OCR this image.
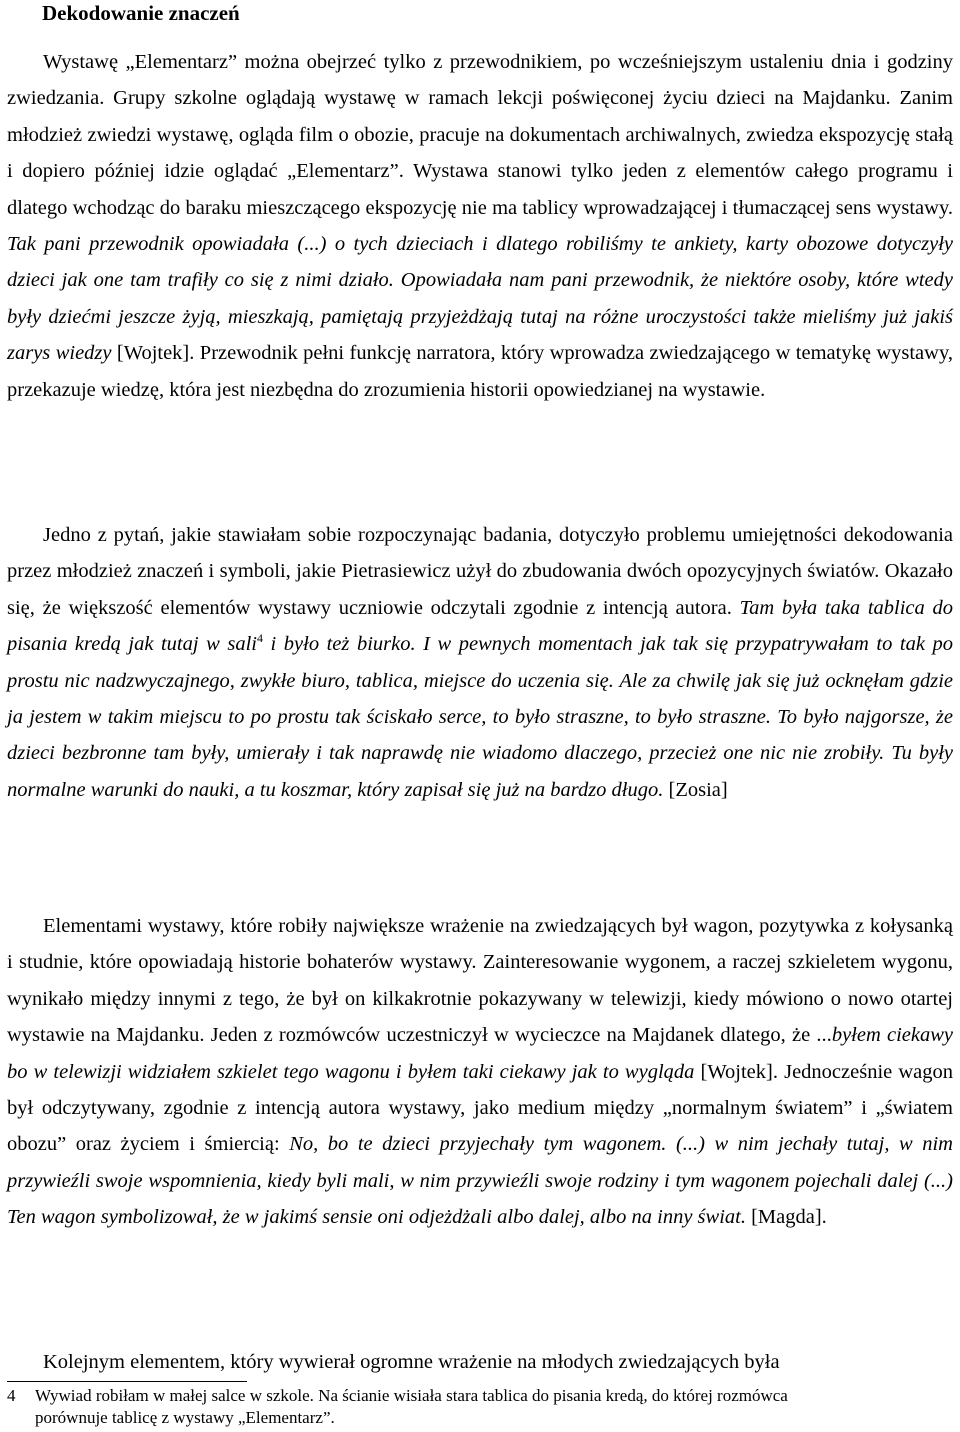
Dekodowanie znaczeń

Wystawę „Elementarz” można obejrzeć tylko z przewodnikiem, po wcześniejszym ustaleniu dnia i godziny zwiedzania. Grupy szkolne oglądają wystawę w ramach lekcji poświęconej życiu dzieci na Majdanku. Zanim młodzież zwiedzi wystawę, ogląda film o obozie, pracuje na dokumentach archiwalnych, zwiedza ekspozycję stałą i dopiero później idzie oglądać „Elementarz”. Wystawa stanowi tylko jeden z elementów całego programu i dlatego wchodząc do baraku mieszczącego ekspozycję nie ma tablicy wprowadzającej i tłumaczącej sens wystawy. Tak pani przewodnik opowiadała (...) o tych dzieciach i dlatego robiliśmy te ankiety, karty obozowe dotyczyły dzieci jak one tam trafiły co się z nimi działo. Opowiadała nam pani przewodnik, że niektóre osoby, które wtedy były dziećmi jeszcze żyją, mieszkają, pamiętają przyjeżdżają tutaj na różne uroczystości także mieliśmy już jakiś zarys wiedzy [Wojtek]. Przewodnik pełni funkcję narratora, który wprowadza zwiedzającego w tematykę wystawy, przekazuje wiedzę, która jest niezbędna do zrozumienia historii opowiedzianej na wystawie.

Jedno z pytań, jakie stawiałam sobie rozpoczynając badania, dotyczyło problemu umiejętności dekodowania przez młodzież znaczeń i symboli, jakie Pietrasiewicz użył do zbudowania dwóch opozycyjnych światów. Okazało się, że większość elementów wystawy uczniowie odczytali zgodnie z intencją autora. Tam była taka tablica do pisania kredą jak tutaj w sali$^4$ i było też biurko. I w pewnych momentach jak tak się przypatrywałam to tak po prostu nic nadzwyczajnego, zwykłe biuro, tablica, miejsce do uczenia się. Ale za chwilę jak się już ocknęłam gdzie ja jestem w takim miejscu to po prostu tak ściskało serce, to było straszne, to było straszne. To było najgorsze, że dzieci bezbronne tam były, umierały i tak naprawdę nie wiadomo dlaczego, przecież one nic nie zrobiły. Tu były normalne warunki do nauki, a tu koszmar, który zapisał się już na bardzo długo. [Zosia]

Elementami wystawy, które robiły największe wrażenie na zwiedzających był wagon, pozytywka z kołysanką i studnie, które opowiadają historie bohaterów wystawy. Zainteresowanie wygonem, a raczej szkieletem wygonu, wynikało między innymi z tego, że był on kilkakrotnie pokazywany w telewizji, kiedy mówiono o nowo otartej wystawie na Majdanku. Jeden z rozmówców uczestniczył w wycieczce na Majdanek dlatego, że ...byłem ciekawy bo w telewizji widziałem szkielet tego wagonu i byłem taki ciekawy jak to wygląda [Wojtek]. Jednocześnie wagon był odczytywany, zgodnie z intencją autora wystawy, jako medium między „normalnym światem” i „światem obozu” oraz życiem i śmiercią: No, bo te dzieci przyjechały tym wagonem. (...) w nim jechały tutaj, w nim przywieźli swoje wspomnienia, kiedy byli mali, w nim przywieźli swoje rodziny i tym wagonem pojechali dalej (...) Ten wagon symbolizował, że w jakimś sensie oni odjeżdżali albo dalej, albo na inny świat. [Magda].

Kolejnym elementem, który wywierał ogromne wrażenie na młodych zwiedzających była

4 Wywiad robiłam w małej salce w szkole. Na ścianie wisiała stara tablica do pisania kredą, do której rozmówca
porównuje tablicę z wystawy „Elementarz”.
